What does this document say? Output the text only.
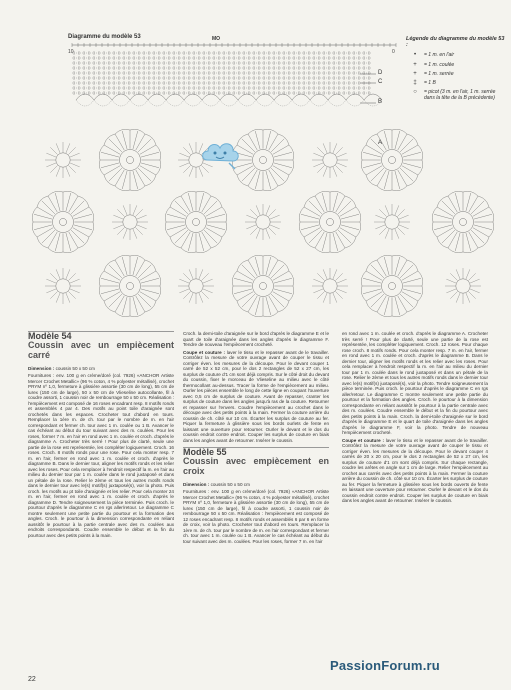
Diagramme du modèle 53
10	0
MO
D
C
B
A
Légende du diagramme du modèle 53 :
•	= 1 m. en l'air
+	= 1 m. coulée
+	= 1 m. serrée
‡	= 1 B
○	= picot (3 m. en l'air, 1 m. serrée dans la tête de la B précédente)
Modèle 54
Coussin avec un empiècement carré

Dimension : coussin 50 x 50 cm

Fournitures : env. 100 g en crème/doré (col. 7926) «ANCHOR Artiste Mercer Crochet Metallic» (96 % coton, 4 % polyester métallisé), crochet PRYM nº 1,0, fermeture à glissière assortie (30 cm de long), 55 cm de lurex (150 cm de large), 50 x 50 cm de Vlieseline autocollante, fil à coudre assorti, 1 coussin noir de rembourrage 50 x 50 cm. Réalisation : l'empiècement est composé de 16 roses encadrant resp. 8 motifs ronds et assemblés 4 par 4. Des motifs au point toile d'araignée sont crochetés dans les espaces. Crocheter tout d'abord en tours. Remplacer la 1ère m. de ch. tour par le nombre de m. en l'air correspondant et fermer ch. tour avec 1 m. coulée ou 1 B. Avancer le cas échéant au début du tour suivant avec des m. coulées. Pour les roses, former 7 m. en l'air en rond avec 1 m. coulée et croch. d'après le diagramme A. Crocheter très serré ! Pour plus de clarté, seule une partie de la rose est représentée, les compléter logiquement. Croch. 16 roses. Croch. 8 motifs ronds pour une rose. Pour cela monter resp. 7 m. en l'air, fermer en rond avec 1 m. coulée et croch. d'après le diagramme B. Dans le dernier tour, aligner les motifs ronds et les relier avec les roses. Pour cela remplacer à l'endroit respectif la m. en l'air au milieu du dernier tour par 1 m. coulée dans le rond juxtaposé et dans un pétale de la rose. Relier le 2ème et tous les autres motifs ronds dans le dernier tour avec le(s) motif(s) juxtaposé(s), voir la photo. Puis croch. les motifs au pt toile d'araignée et les relier. Pour cela monter 24 m. en l'air, fermer en rond avec 1 m. coulée et croch. d'après le diagramme D. Tendre soigneusement la pièce terminée. Puis croch. le pourtour d'après le diagramme C en rgs aller/retour. Le diagramme C montre seulement une petite partie du pourtour et la formation des angles. Croch. le pourtour à la dimension correspondante en reliant aussitôt le pourtour à la partie centrale avec des m. coulées aux endroits correspondants. Coudre ensemble le début et la fin du pourtour avec des petits points à la main.

Croch. la demi-toile d'araignée sur le bord d'après le diagramme E et le quart de toile d'araignée dans les angles d'après le diagramme F. Tendre de nouveau l'empiècement crocheté.

Coupe et couture : laver le tissu et le repasser avant de le travailler. Contrôlez la mesure de votre ouvrage avant de couper le tissu et corriger éven. les mesures de la découpe. Pour le devant couper 1 carré de 52 x 52 cm, pour le dos 2 rectangles de 52 x 27 cm, les surplus de couture d'1 cm sont déjà compris. Sur le côté droit du devant du coussin, fixer le morceau de Vlieseline au milieu avec le côté thermocollant au-dessus. Tracer la forme de l'empiècement au milieu. Ourler les pièces ensemble le long de cette ligne en coupant l'ouverture avec 0,5 cm de surplus de couture. Avant de repasser, cranter les surplus de couture dans les angles jusqu'à ras de la couture. Retourner et repasser sur l'envers. Coudre l'empiècement au crochet dans le découpe avec des petits points à la main. Fermer la couture arrière du coussin de ch. côté sur 10 cm. Écarter les surplus de couture au fer. Piquer la fermeture à glissière sous les bords ourlets de fente en laissant une ouverture pour retourner. Ourler le devant et le dos du coussin endroit contre endroit. Couper les surplus de couture en biais dans les angles avant de retourner. Insérer le coussin.

Modèle 55
Coussin avec empiècement en croix

Dimension : coussin 50 x 50 cm

Fournitures : env. 100 g en crème/doré (col. 7926) «ANCHOR Artiste Mercer Crochet Metallic» (96 % coton, 4 % polyester métallisé), crochet PRYM nº 1,0, fermeture à glissière assortie (30 cm de long), 55 cm de lurex (150 cm de large), fil à coudre assorti, 1 coussin noir de rembourrage 50 x 50 cm. Réalisation : l'empiècement est composé de 12 roses encadrant resp. 8 motifs ronds et assemblés 6 par 6 en forme de croix, voir la photo. Crocheter tout d'abord en tours. Remplacer la 1ère m. de ch. tour par le nombre de m. en l'air correspondant et fermer ch. tour avec 1 m. coulée ou 1 B. Avancer le cas échéant au début du tour suivant avec des m. coulées. Pour les roses, former 7 m. en l'air

en rond avec 1 m. coulée et croch. d'après le diagramme A. Crocheter très serré ! Pour plus de clarté, seule une partie de la rose est représentée, les compléter logiquement. Croch. 12 roses. Pour chaque rose croch. 8 motifs ronds. Pour cela monter resp. 7 m. en l'air, fermer en rond avec 1 m. coulée et croch. d'après le diagramme B. Dans le dernier tour, aligner les motifs ronds et les relier avec les roses. Pour cela remplacer à l'endroit respectif la m. en l'air au milieu du dernier tour par 1 m. coulée dans le rond juxtaposé et dans un pétale de la rose. Relier le 2ème et tous les autres motifs ronds dans le dernier tour avec le(s) motif(s) juxtaposé(s), voir la photo. Tendre soigneusement la pièce terminée. Puis croch. le pourtour d'après le diagramme C en rgs aller/retour. Le diagramme C montre seulement une petite partie du pourtour et la formation des angles. Croch. le pourtour à la dimension correspondante en reliant aussitôt le pourtour à la partie centrale avec des m. coulées. Coudre ensemble le début et la fin du pourtour avec des petits points à la main. Croch. la demi-toile d'araignée sur le bord d'après le diagramme E et le quart de toile d'araignée dans les angles d'après le diagramme F, voir la photo. Tendre de nouveau l'empiècement crocheté.

Coupe et couture : laver le tissu et le repasser avant de le travailler. Contrôlez la mesure de votre ouvrage avant de couper le tissu et corriger éven. les mesures de la découpe. Pour le devant couper 4 carrés de 20 x 20 cm, pour le dos 2 rectangles de 52 x 27 cm, les surplus de couture d'1 cm sont déjà compris. Sur chaque rectangle, coudre les arêtes en angle sur 1 cm de large. Relier l'empiècement au crochet aux carrés avec des petits points à la main. Fermer la couture arrière du coussin de ch. côté sur 10 cm. Écarter les surplus de couture au fer. Piquer la fermeture à glissière sous les bords ouverts de fente en laissant une ouverture pour retourner. Ourler le devant et le dos du coussin endroit contre endroit. Couper les surplus de couture en biais dans les angles avant de retourner. Insérer le coussin.

22
PassionForum.ru
